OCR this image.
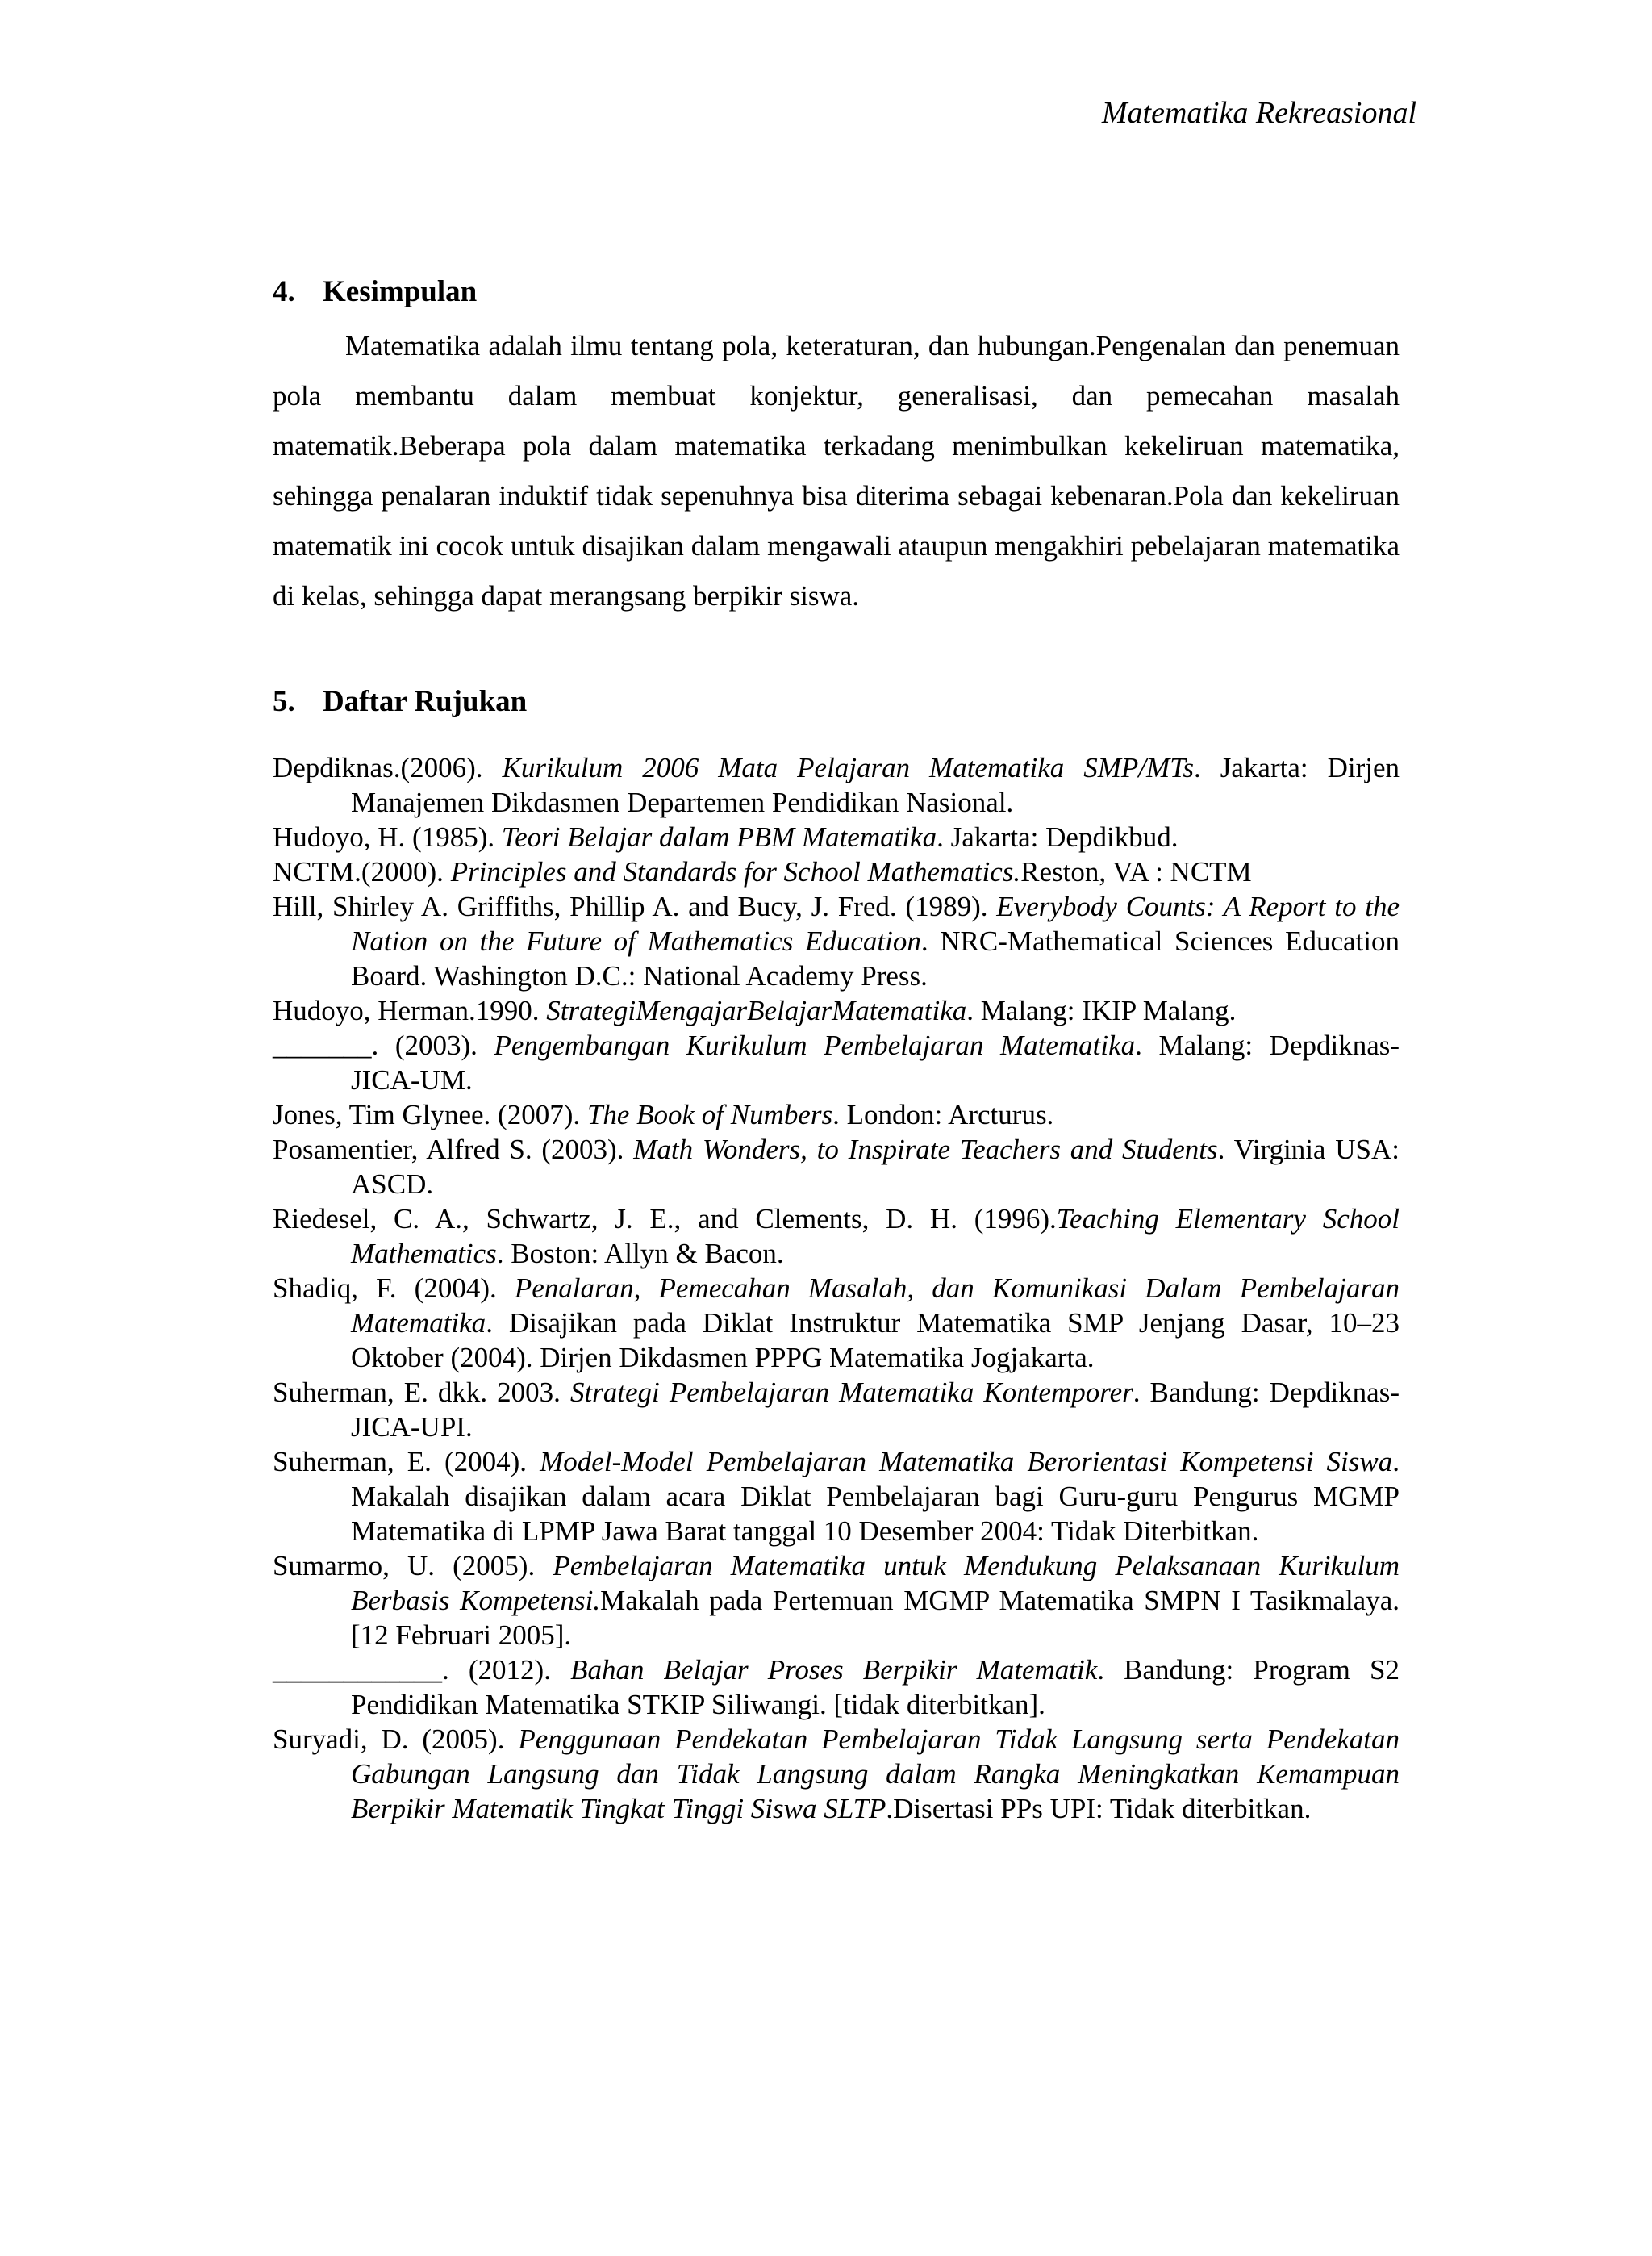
Matematika Rekreasional
4. Kesimpulan

Matematika adalah ilmu tentang pola, keteraturan, dan hubungan.Pengenalan dan penemuan pola membantu dalam membuat konjektur, generalisasi, dan pemecahan masalah matematik.Beberapa pola dalam matematika terkadang menimbulkan kekeliruan matematika, sehingga penalaran induktif tidak sepenuhnya bisa diterima sebagai kebenaran.Pola dan kekeliruan matematik ini cocok untuk disajikan dalam mengawali ataupun mengakhiri pebelajaran matematika di kelas, sehingga dapat merangsang berpikir siswa.

5. Daftar Rujukan

Depdiknas.(2006). Kurikulum 2006 Mata Pelajaran Matematika SMP/MTs. Jakarta: Dirjen Manajemen Dikdasmen Departemen Pendidikan Nasional.

Hudoyo, H. (1985). Teori Belajar dalam PBM Matematika. Jakarta: Depdikbud.

NCTM.(2000). Principles and Standards for School Mathematics.Reston, VA : NCTM

Hill, Shirley A. Griffiths, Phillip A. and Bucy, J. Fred. (1989). Everybody Counts: A Report to the Nation on the Future of Mathematics Education. NRC-Mathematical Sciences Education Board. Washington D.C.: National Academy Press.

Hudoyo, Herman.1990. StrategiMengajarBelajarMatematika. Malang: IKIP Malang.

_______. (2003). Pengembangan Kurikulum Pembelajaran Matematika. Malang: Depdiknas-JICA-UM.

Jones, Tim Glynee. (2007). The Book of Numbers. London: Arcturus.

Posamentier, Alfred S. (2003). Math Wonders, to Inspirate Teachers and Students. Virginia USA: ASCD.

Riedesel, C. A., Schwartz, J. E., and Clements, D. H. (1996).Teaching Elementary School Mathematics. Boston: Allyn & Bacon.

Shadiq, F. (2004). Penalaran, Pemecahan Masalah, dan Komunikasi Dalam Pembelajaran Matematika. Disajikan pada Diklat Instruktur Matematika SMP Jenjang Dasar, 10–23 Oktober (2004). Dirjen Dikdasmen PPPG Matematika Jogjakarta.

Suherman, E. dkk. 2003. Strategi Pembelajaran Matematika Kontemporer. Bandung: Depdiknas-JICA-UPI.

Suherman, E. (2004). Model-Model Pembelajaran Matematika Berorientasi Kompetensi Siswa. Makalah disajikan dalam acara Diklat Pembelajaran bagi Guru-guru Pengurus MGMP Matematika di LPMP Jawa Barat tanggal 10 Desember 2004: Tidak Diterbitkan.

Sumarmo, U. (2005). Pembelajaran Matematika untuk Mendukung Pelaksanaan Kurikulum Berbasis Kompetensi.Makalah pada Pertemuan MGMP Matematika SMPN I Tasikmalaya.[12 Februari 2005].

____________. (2012). Bahan Belajar Proses Berpikir Matematik. Bandung: Program S2 Pendidikan Matematika STKIP Siliwangi. [tidak diterbitkan].

Suryadi, D. (2005). Penggunaan Pendekatan Pembelajaran Tidak Langsung serta Pendekatan Gabungan Langsung dan Tidak Langsung dalam Rangka Meningkatkan Kemampuan Berpikir Matematik Tingkat Tinggi Siswa SLTP.Disertasi PPs UPI: Tidak diterbitkan.
